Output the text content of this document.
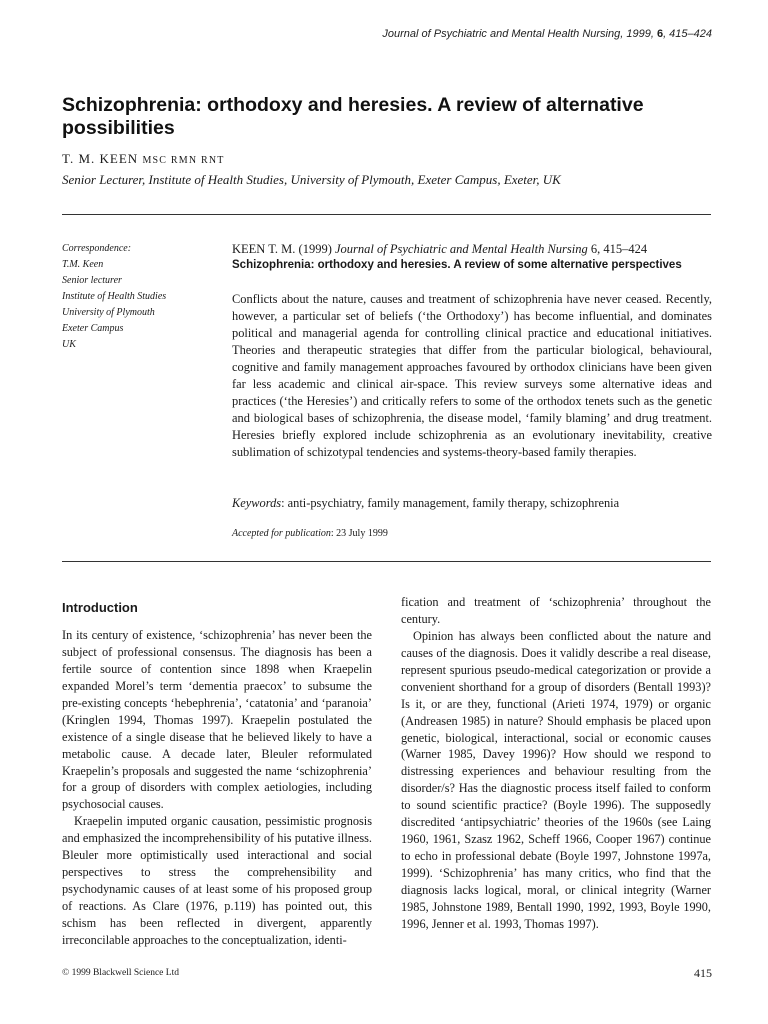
Journal of Psychiatric and Mental Health Nursing, 1999, 6, 415–424
Schizophrenia: orthodoxy and heresies. A review of alternative possibilities
T. M. KEEN MSC RMN RNT
Senior Lecturer, Institute of Health Studies, University of Plymouth, Exeter Campus, Exeter, UK
Correspondence:
T.M. Keen
Senior lecturer
Institute of Health Studies
University of Plymouth
Exeter Campus
UK
KEEN T. M. (1999) Journal of Psychiatric and Mental Health Nursing 6, 415–424
Schizophrenia: orthodoxy and heresies. A review of some alternative perspectives
Conflicts about the nature, causes and treatment of schizophrenia have never ceased. Recently, however, a particular set of beliefs (‘the Orthodoxy’) has become influential, and dominates political and managerial agenda for controlling clinical practice and educational initiatives. Theories and therapeutic strategies that differ from the particular biological, behavioural, cognitive and family management approaches favoured by orthodox clinicians have been given far less academic and clinical air-space. This review surveys some alternative ideas and practices (‘the Heresies’) and critically refers to some of the orthodox tenets such as the genetic and biological bases of schizophrenia, the disease model, ‘family blaming’ and drug treatment. Heresies briefly explored include schizophrenia as an evolutionary inevitability, creative sublimation of schizotypal tendencies and systems-theory-based family therapies.
Keywords: anti-psychiatry, family management, family therapy, schizophrenia
Accepted for publication: 23 July 1999
Introduction

In its century of existence, ‘schizophrenia’ has never been the subject of professional consensus. The diagnosis has been a fertile source of contention since 1898 when Kraepelin expanded Morel’s term ‘dementia praecox’ to subsume the pre-existing concepts ‘hebephrenia’, ‘catatonia’ and ‘paranoia’ (Kringlen 1994, Thomas 1997). Kraepelin postulated the existence of a single disease that he believed likely to have a metabolic cause. A decade later, Bleuler reformulated Kraepelin’s proposals and suggested the name ‘schizophrenia’ for a group of disorders with complex aetiologies, including psychosocial causes.

Kraepelin imputed organic causation, pessimistic prognosis and emphasized the incomprehensibility of his putative illness. Bleuler more optimistically used interactional and social perspectives to stress the comprehensibility and psychodynamic causes of at least some of his proposed group of reactions. As Clare (1976, p.119) has pointed out, this schism has been reflected in divergent, apparently irreconcilable approaches to the conceptualization, identi-

fication and treatment of ‘schizophrenia’ throughout the century.

Opinion has always been conflicted about the nature and causes of the diagnosis. Does it validly describe a real disease, represent spurious pseudo-medical categorization or provide a convenient shorthand for a group of disorders (Bentall 1993)? Is it, or are they, functional (Arieti 1974, 1979) or organic (Andreasen 1985) in nature? Should emphasis be placed upon genetic, biological, interactional, social or economic causes (Warner 1985, Davey 1996)? How should we respond to distressing experiences and behaviour resulting from the disorder/s? Has the diagnostic process itself failed to conform to sound scientific practice? (Boyle 1996). The supposedly discredited ‘antipsychiatric’ theories of the 1960s (see Laing 1960, 1961, Szasz 1962, Scheff 1966, Cooper 1967) continue to echo in professional debate (Boyle 1997, Johnstone 1997a, 1999). ‘Schizophrenia’ has many critics, who find that the diagnosis lacks logical, moral, or clinical integrity (Warner 1985, Johnstone 1989, Bentall 1990, 1992, 1993, Boyle 1990, 1996, Jenner et al. 1993, Thomas 1997).

© 1999 Blackwell Science Ltd	415
